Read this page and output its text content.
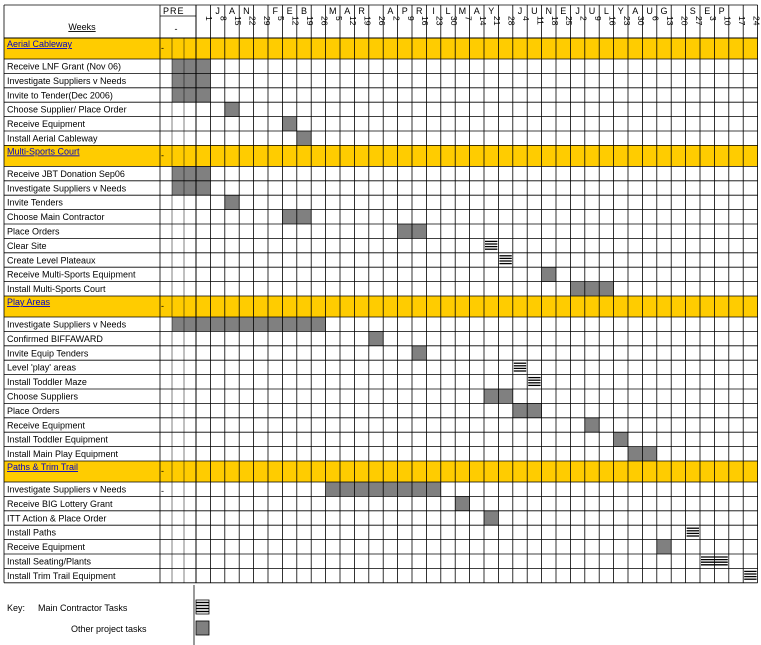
Weeks
PRE
-
J A N	F E B M A R	A P R I L M A Y	J U N E J U L Y A U G S E P
1 8 15 22 29 5 12 19 26 5 12 19 26 2 9 16 23 30 7 14 21 28 4 11 18 25 2 9 16 23 30 6 13 20 27 3 10 17 24
Aerial Cableway	-
Receive LNF Grant (Nov 06)
Investigate Suppliers v Needs
Invite to Tender(Dec 2006)
Choose Supplier/ Place Order
Receive Equipment
Install Aerial Cableway
Multi-Sports Court	-
Receive JBT Donation Sep06
Investigate Suppliers v Needs
Invite Tenders
Choose Main Contractor
Place Orders
Clear Site
Create Level Plateaux
Receive Multi-Sports Equipment
Install Multi-Sports Court
Play Areas	-
Investigate Suppliers v Needs
Confirmed BIFFAWARD
Invite Equip Tenders
Level 'play' areas
Install Toddler Maze
Choose Suppliers
Place Orders
Receive Equipment
Install Toddler Equipment
Install Main Play Equipment
Paths & Trim Trail	-
Investigate Suppliers v Needs
Receive BIG Lottery Grant
ITT Action & Place Order
Install Paths
Receive Equipment
Install Seating/Plants
Install Trim Trail Equipment
-
Key: Main Contractor Tasks
Other project tasks
